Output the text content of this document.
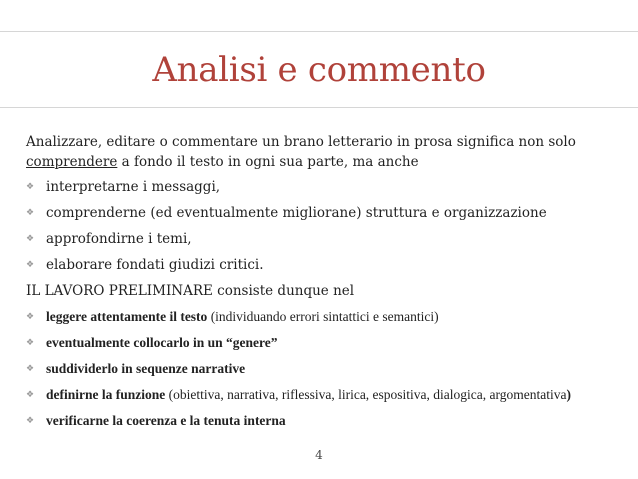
Analisi e commento
Analizzare, editare o commentare un brano letterario in prosa significa non solo comprendere a fondo il testo in ogni sua parte, ma anche
❖ interpretarne i messaggi,
❖ comprenderne (ed eventualmente migliorane) struttura e organizzazione
❖ approfondirne i temi,
❖ elaborare fondati giudizi critici.
IL LAVORO PRELIMINARE consiste dunque nel
❖ leggere attentamente il testo (individuando errori sintattici e semantici)
❖ eventualmente collocarlo in un “genere”
❖ suddividerlo in sequenze narrative
❖ definirne la funzione (obiettiva, narrativa, riflessiva, lirica, espositiva, dialogica, argomentativa)
❖ verificarne la coerenza e la tenuta interna
4
